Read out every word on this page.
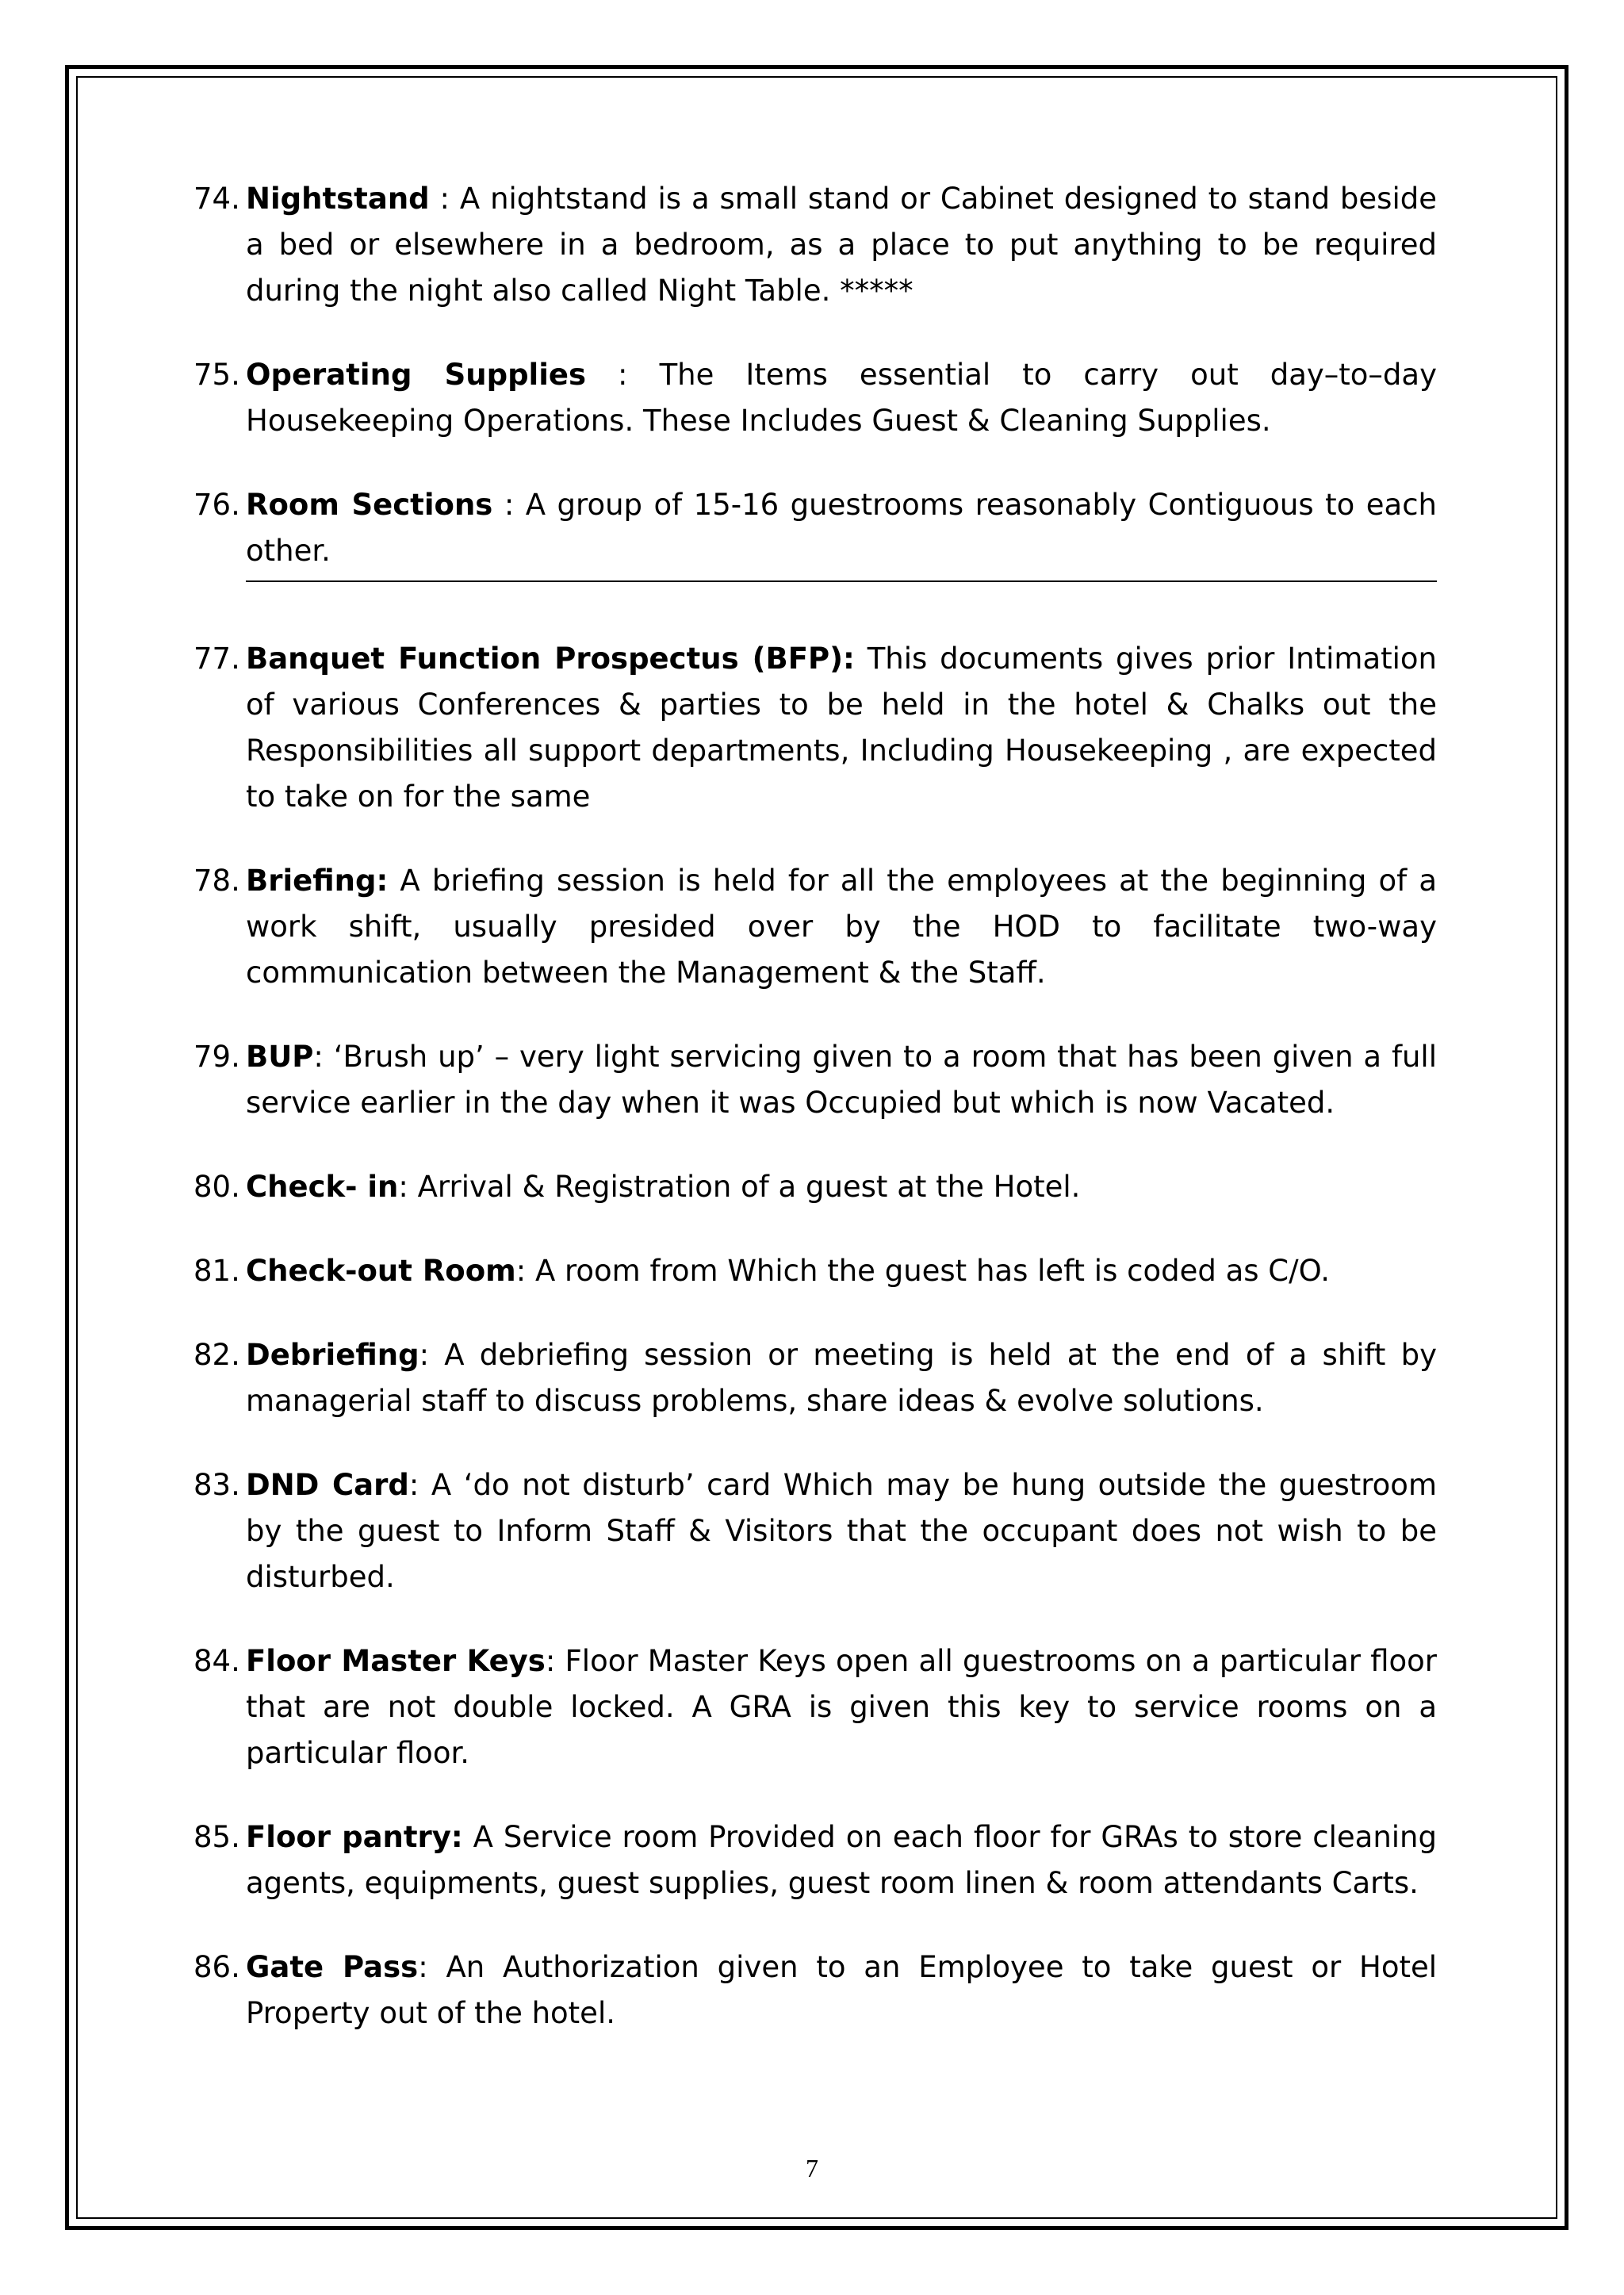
74. Nightstand : A nightstand is a small stand or Cabinet designed to stand beside a bed or elsewhere in a bedroom, as a place to put anything to be required during the night also called Night Table. *****
75. Operating Supplies : The Items essential to carry out day–to–day Housekeeping Operations. These Includes Guest & Cleaning Supplies.
76. Room Sections : A group of 15-16 guestrooms reasonably Contiguous to each other.
77. Banquet Function Prospectus (BFP): This documents gives prior Intimation of various Conferences & parties to be held in the hotel & Chalks out the Responsibilities all support departments, Including Housekeeping , are expected to take on for the same
78. Briefing: A briefing session is held for all the employees at the beginning of a work shift, usually presided over by the HOD to facilitate two-way communication between the Management & the Staff.
79. BUP: ‘Brush up’ – very light servicing given to a room that has been given a full service earlier in the day when it was Occupied but which is now Vacated.
80. Check- in: Arrival & Registration of a guest at the Hotel.
81. Check-out Room: A room from Which the guest has left is coded as C/O.
82. Debriefing: A debriefing session or meeting is held at the end of a shift by managerial staff to discuss problems, share ideas & evolve solutions.
83. DND Card: A ‘do not disturb’ card Which may be hung outside the guestroom by the guest to Inform Staff & Visitors that the occupant does not wish to be disturbed.
84. Floor Master Keys: Floor Master Keys open all guestrooms on a particular floor that are not double locked. A GRA is given this key to service rooms on a particular floor.
85. Floor pantry: A Service room Provided on each floor for GRAs to store cleaning agents, equipments, guest supplies, guest room linen & room attendants Carts.
86. Gate Pass: An Authorization given to an Employee to take guest or Hotel Property out of the hotel.
7
